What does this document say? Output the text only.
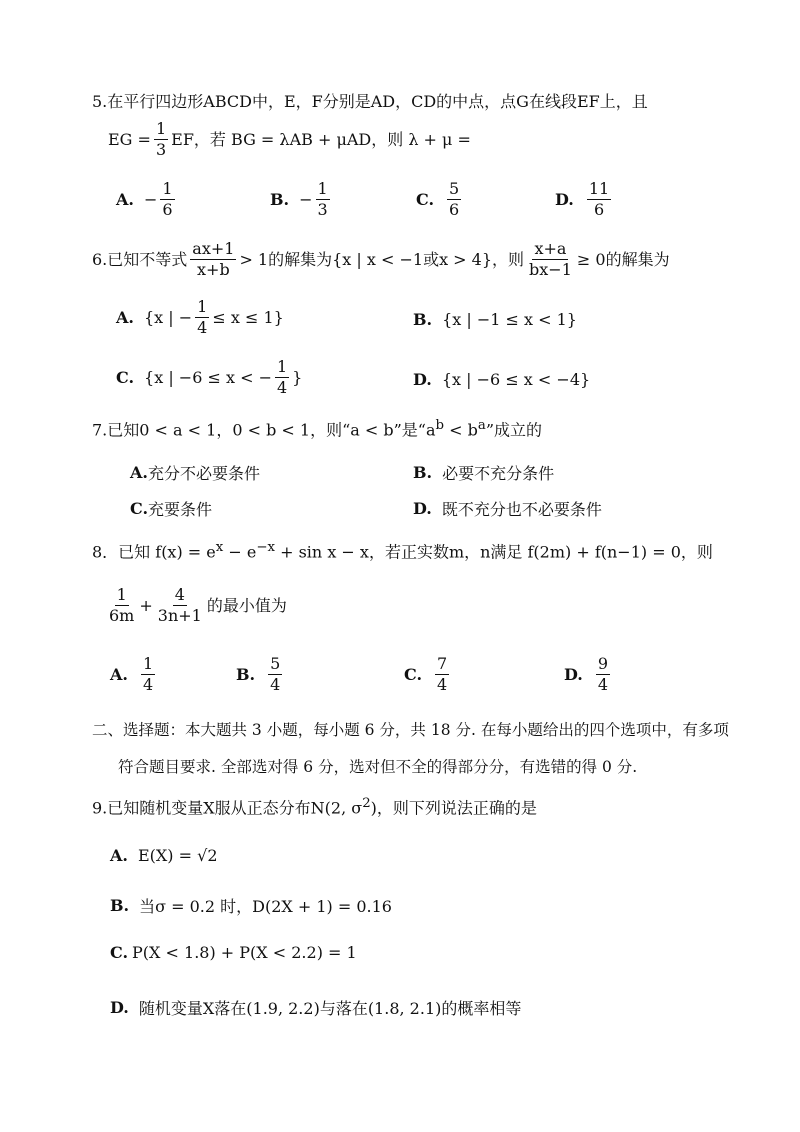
5.在平行四边形ABCD中，E，F分别是AD，CD的中点，点G在线段EF上，且
EG = $\frac{1}{3}$ EF，若 BG = λAB + μAD，则 λ + μ =
A. − $\frac{1}{6}$	B. − $\frac{1}{3}$	C. $\frac{5}{6}$	D. $\frac{11}{6}$
6.已知不等式 $\frac{ax+1}{x+b} > 1$的解集为{x | x < −1或x > 4}，则 $\frac{x+a}{bx-1} \ge 0$的解集为
A. {x | − $\frac{1}{4} \le x \le 1$}	B. {x | −1 ≤ x < 1}
C. {x | −6 ≤ x < − $\frac{1}{4}$ }	D. {x | −6 ≤ x < −4}
7.已知0 < a < 1，0 < b < 1，则“a < b”是“$a^b < b^a$”成立的
A. 充分不必要条件	B. 必要不充分条件
C. 充要条件	D. 既不充分也不必要条件
8．已知 $f(x) = e^x - e^{-x} + \sin x - x$，若正实数m，n满足 f(2m) + f(n−1) = 0，则
$\frac{1}{6m} + \frac{4}{3n+1}$ 的最小值为
A. $\frac{1}{4}$	B. $\frac{5}{4}$	C. $\frac{7}{4}$	D. $\frac{9}{4}$
二、选择题：本大题共 3 小题，每小题 6 分，共 18 分. 在每小题给出的四个选项中，有多项
符合题目要求. 全部选对得 6 分，选对但不全的得部分分，有选错的得 0 分.
9.已知随机变量X服从正态分布N(2, $\sigma^2$)，则下列说法正确的是
A. E(X) = √2
B. 当σ = 0.2 时，D(2X + 1) = 0.16
C. P(X < 1.8) + P(X < 2.2) = 1
D. 随机变量X落在(1.9, 2.2)与落在(1.8, 2.1)的概率相等
